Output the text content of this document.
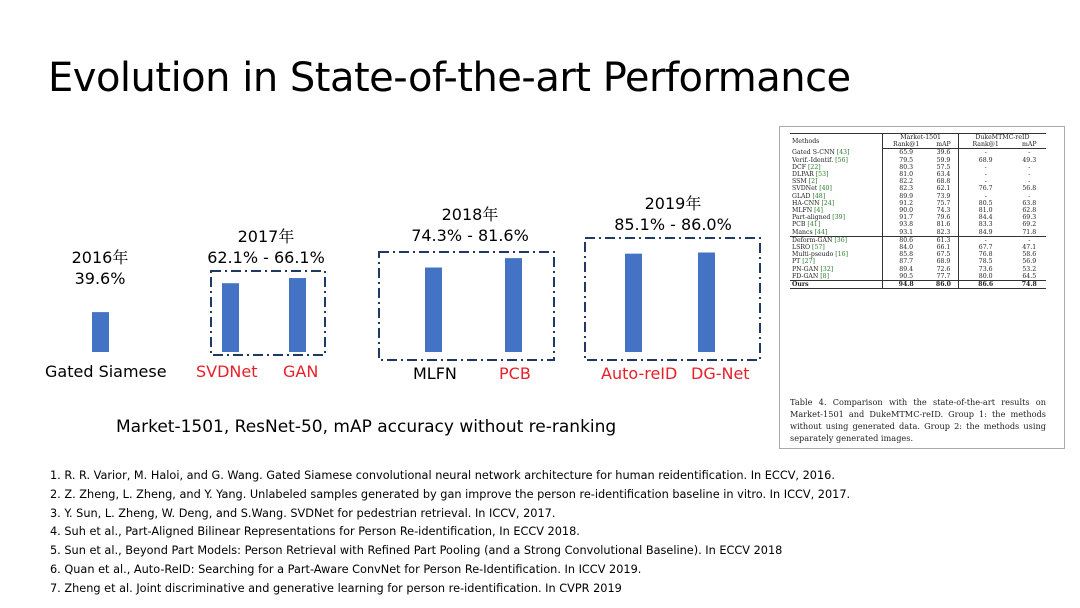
Evolution in State-of-the-art Performance
2016年
39.6%
2017年
62.1% - 66.1%
2018年
74.3% - 81.6%
2019年
85.1% - 86.0%
Gated Siamese SVDNet GAN	MLFN	PCB	Auto-reID DG-Net
Market-1501, ResNet-50, mAP accuracy without re-ranking
1. R. R. Varior, M. Haloi, and G. Wang. Gated Siamese convolutional neural network architecture for human reidentification. In ECCV, 2016.
2. Z. Zheng, L. Zheng, and Y. Yang. Unlabeled samples generated by gan improve the person re-identification baseline in vitro. In ICCV, 2017.
3. Y. Sun, L. Zheng, W. Deng, and S.Wang. SVDNet for pedestrian retrieval. In ICCV, 2017.
4. Suh et al., Part-Aligned Bilinear Representations for Person Re-identification, In ECCV 2018.
5. Sun et al., Beyond Part Models: Person Retrieval with Refined Part Pooling (and a Strong Convolutional Baseline). In ECCV 2018
6. Quan et al., Auto-ReID: Searching for a Part-Aware ConvNet for Person Re-Identification. In ICCV 2019.
7. Zheng et al. Joint discriminative and generative learning for person re-identification. In CVPR 2019
Methods	Market-1501		DukeMTMC-reID	
	Rank@1	mAP	Rank@1	mAP
Gated S-CNN [43]	65.9	39.6	-	-
Verif.-Identif. [56]	79.5	59.9	68.9	49.3
DCF [22]	80.3	57.5	-	-
DLPAR [53]	81.0	63.4	-	-
SSM [2]	82.2	68.8	-	-
SVDNet [40]	82.3	62.1	76.7	56.8
GLAD [48]	89.9	73.9	-	-
HA-CNN [24]	91.2	75.7	80.5	63.8
MLFN [4]	90.0	74.3	81.0	62.8
Part-aligned [39]	91.7	79.6	84.4	69.3
PCB [41]	93.8	81.6	83.3	69.2
Mancs [44]	93.1	82.3	84.9	71.8
Deform-GAN [36]	80.6	61.3	-	-
LSRO [57]	84.0	66.1	67.7	47.1
Multi-pseudo [16]	85.8	67.5	76.8	58.6
PT [27]	87.7	68.9	78.5	56.9
PN-GAN [32]	89.4	72.6	73.6	53.2
FD-GAN [8]	90.5	77.7	80.0	64.5
Ours	94.8	86.0	86.6	74.8
Table 4. Comparison with the state-of-the-art results on Market-1501 and DukeMTMC-reID. Group 1: the methods without using generated data. Group 2: the methods using separately generated images.
